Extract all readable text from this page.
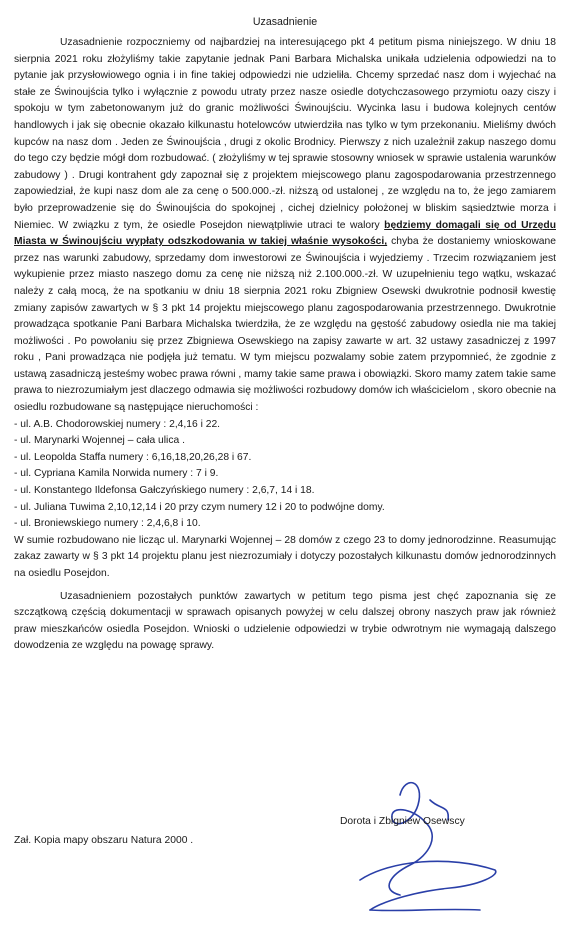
Uzasadnienie

Uzasadnienie rozpoczniemy od najbardziej na interesującego pkt 4 petitum pisma niniejszego. W dniu 18 sierpnia 2021 roku złożyliśmy takie zapytanie jednak Pani Barbara Michalska unikała udzielenia odpowiedzi na to pytanie jak przysłowiowego ognia i in fine takiej odpowiedzi nie udzieliła. Chcemy sprzedać nasz dom i wyjechać na stałe ze Świnoujścia tylko i wyłącznie z powodu utraty przez nasze osiedle dotychczasowego przymiotu oazy ciszy i spokoju w tym zabetonowanym już do granic możliwości Świnoujściu. Wycinka lasu i budowa kolejnych centów handlowych i jak się obecnie okazało kilkunastu hotelowców utwierdziła nas tylko w tym przekonaniu. Mieliśmy dwóch kupców na nasz dom . Jeden ze Świnoujścia , drugi z okolic Brodnicy. Pierwszy z nich uzależnił zakup naszego domu do tego czy będzie mógł dom rozbudować. ( złożyliśmy w tej sprawie stosowny wniosek w sprawie ustalenia warunków zabudowy ) . Drugi kontrahent gdy zapoznał się z projektem miejscowego planu zagospodarowania przestrzennego zapowiedział, że kupi nasz dom ale za cenę o 500.000.-zł. niższą od ustalonej , ze względu na to, że jego zamiarem było przeprowadzenie się do Świnoujścia do spokojnej , cichej dzielnicy położonej w bliskim sąsiedztwie morza i Niemiec. W związku z tym, że osiedle Posejdon niewątpliwie utraci te walory będziemy domagali się od Urzędu Miasta w Świnoujściu wypłaty odszkodowania w takiej właśnie wysokości, chyba że dostaniemy wnioskowane przez nas warunki zabudowy, sprzedamy dom inwestorowi ze Świnoujścia i wyjedziemy . Trzecim rozwiązaniem jest wykupienie przez miasto naszego domu za cenę nie niższą niż 2.100.000.-zł. W uzupełnieniu tego wątku, wskazać należy z całą mocą, że na spotkaniu w dniu 18 sierpnia 2021 roku Zbigniew Osewski dwukrotnie podnosił kwestię zmiany zapisów zawartych w § 3 pkt 14 projektu miejscowego planu zagospodarowania przestrzennego. Dwukrotnie prowadząca spotkanie Pani Barbara Michalska twierdziła, że ze względu na gęstość zabudowy osiedla nie ma takiej możliwości . Po powołaniu się przez Zbigniewa Osewskiego na zapisy zawarte w art. 32 ustawy zasadniczej z 1997 roku , Pani prowadząca nie podjęła już tematu. W tym miejscu pozwalamy sobie zatem przypomnieć, że zgodnie z ustawą zasadniczą jesteśmy wobec prawa równi , mamy takie same prawa i obowiązki. Skoro mamy zatem takie same prawa to niezrozumiałym jest dlaczego odmawia się możliwości rozbudowy domów ich właścicielom , skoro obecnie na osiedlu rozbudowane są następujące nieruchomości :

- ul. A.B. Chodorowskiej numery : 2,4,16 i 22.
- ul. Marynarki Wojennej – cała ulica .
- ul. Leopolda Staffa numery : 6,16,18,20,26,28 i 67.
- ul. Cypriana Kamila Norwida numery : 7 i 9.
- ul. Konstantego Ildefonsa Gałczyńskiego numery : 2,6,7, 14 i 18.
- ul. Juliana Tuwima 2,10,12,14 i 20 przy czym numery 12 i 20 to podwójne domy.
- ul. Broniewskiego numery : 2,4,6,8 i 10.

W sumie rozbudowano nie licząc ul. Marynarki Wojennej – 28 domów z czego 23 to domy jednorodzinne. Reasumując zakaz zawarty w § 3 pkt 14 projektu planu jest niezrozumiały i dotyczy pozostałych kilkunastu domów jednorodzinnych na osiedlu Posejdon.

Uzasadnieniem pozostałych punktów zawartych w petitum tego pisma jest chęć zapoznania się ze szczątkową częścią dokumentacji w sprawach opisanych powyżej w celu dalszej obrony naszych praw jak również praw mieszkańców osiedla Posejdon. Wnioski o udzielenie odpowiedzi w trybie odwrotnym nie wymagają dalszego dowodzenia ze względu na powagę sprawy.

Dorota i Zbigniew Osewscy
Zał. Kopia mapy obszaru Natura 2000 .
